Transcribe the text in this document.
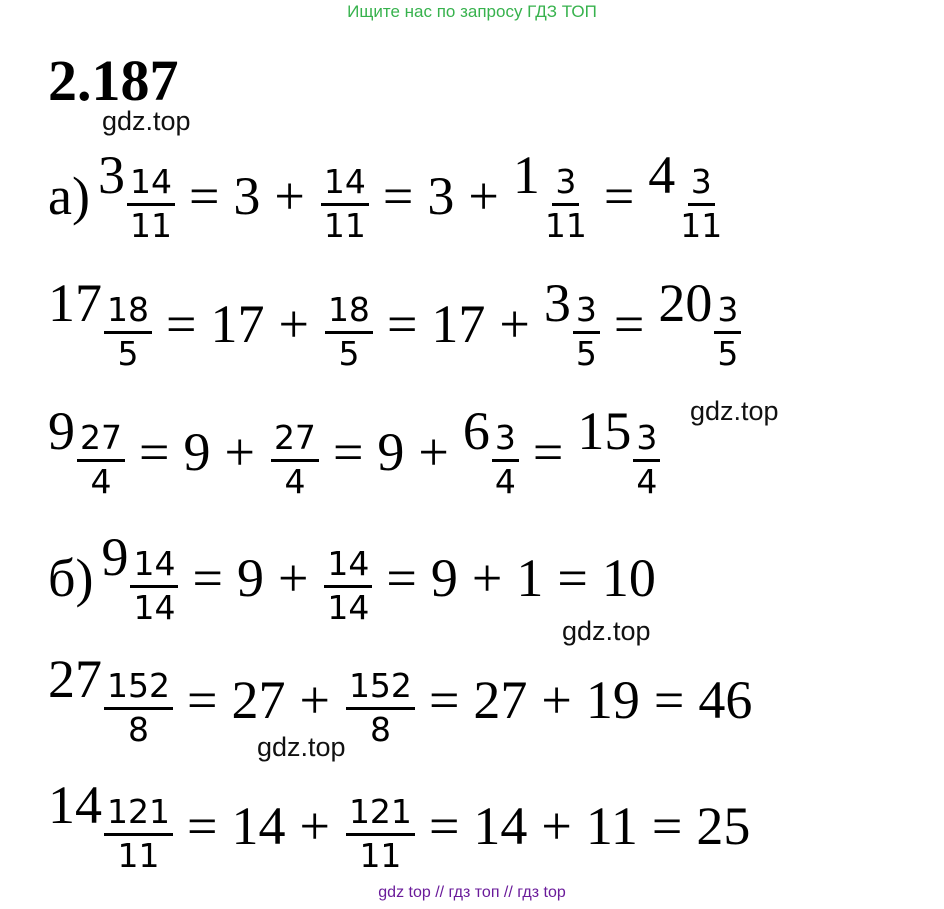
Ищите нас по запросу ГДЗ ТОП
2.187
gdz.top
gdz.top
gdz.top
gdz.top
а) $3 \frac{14}{11} = 3 + \frac{14}{11} = 3 + 1 \frac{3}{11} = 4 \frac{3}{11}$
$17 \frac{18}{5} = 17 + \frac{18}{5} = 17 + 3 \frac{3}{5} = 20 \frac{3}{5}$
$9 \frac{27}{4} = 9 + \frac{27}{4} = 9 + 6 \frac{3}{4} = 15 \frac{3}{4}$
б) $9 \frac{14}{14} = 9 + \frac{14}{14} = 9 + 1 = 10$
$27 \frac{152}{8} = 27 + \frac{152}{8} = 27 + 19 = 46$
$14 \frac{121}{11} = 14 + \frac{121}{11} = 14 + 11 = 25$
gdz top // гдз топ // гдз top
